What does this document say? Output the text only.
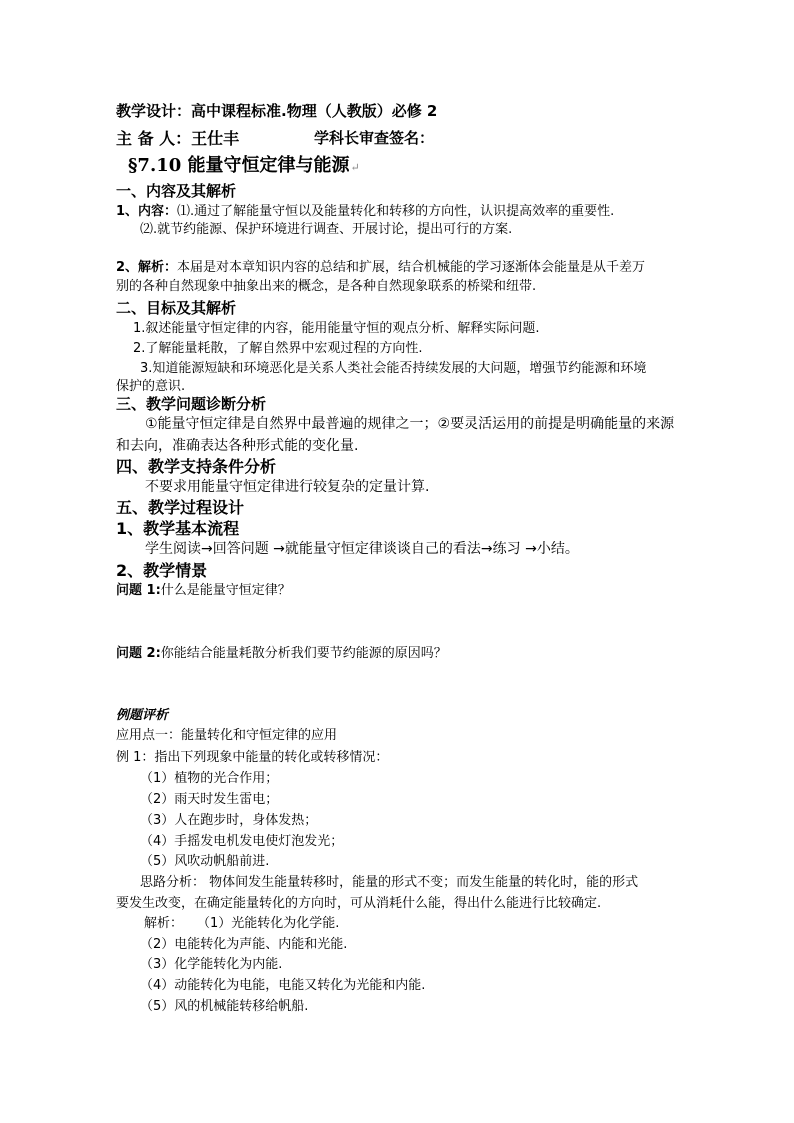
教学设计：高中课程标准.物理（人教版）必修 2
主 备 人：王仕丰	学科长审查签名：
§7.10 能量守恒定律与能源↵
一、内容及其解析
1、内容：⑴.通过了解能量守恒以及能量转化和转移的方向性，认识提高效率的重要性.
⑵.就节约能源、保护环境进行调查、开展讨论，提出可行的方案.
2、解析：本届是对本章知识内容的总结和扩展，结合机械能的学习逐渐体会能量是从千差万
别的各种自然现象中抽象出来的概念，是各种自然现象联系的桥梁和纽带.
二、目标及其解析
1.叙述能量守恒定律的内容，能用能量守恒的观点分析、解释实际问题.
2.了解能量耗散，了解自然界中宏观过程的方向性.
3.知道能源短缺和环境恶化是关系人类社会能否持续发展的大问题，增强节约能源和环境
保护的意识.
三、教学问题诊断分析
①能量守恒定律是自然界中最普遍的规律之一；②要灵活运用的前提是明确能量的来源
和去向，准确表达各种形式能的变化量.
四、教学支持条件分析
不要求用能量守恒定律进行较复杂的定量计算.
五、教学过程设计
1、教学基本流程
学生阅读→回答问题 →就能量守恒定律谈谈自己的看法→练习 →小结。
2、教学情景
问题 1:什么是能量守恒定律？
问题 2:你能结合能量耗散分析我们要节约能源的原因吗？
例题评析
应用点一：能量转化和守恒定律的应用
例 1：指出下列现象中能量的转化或转移情况：
（1）植物的光合作用；
（2）雨天时发生雷电；
（3）人在跑步时，身体发热；
（4）手摇发电机发电使灯泡发光；
（5）风吹动帆船前进.
思路分析： 物体间发生能量转移时，能量的形式不变；而发生能量的转化时，能的形式
要发生改变，在确定能量转化的方向时，可从消耗什么能，得出什么能进行比较确定.
解析： （1）光能转化为化学能.
（2）电能转化为声能、内能和光能.
（3）化学能转化为内能.
（4）动能转化为电能，电能又转化为光能和内能.
（5）风的机械能转移给帆船.
